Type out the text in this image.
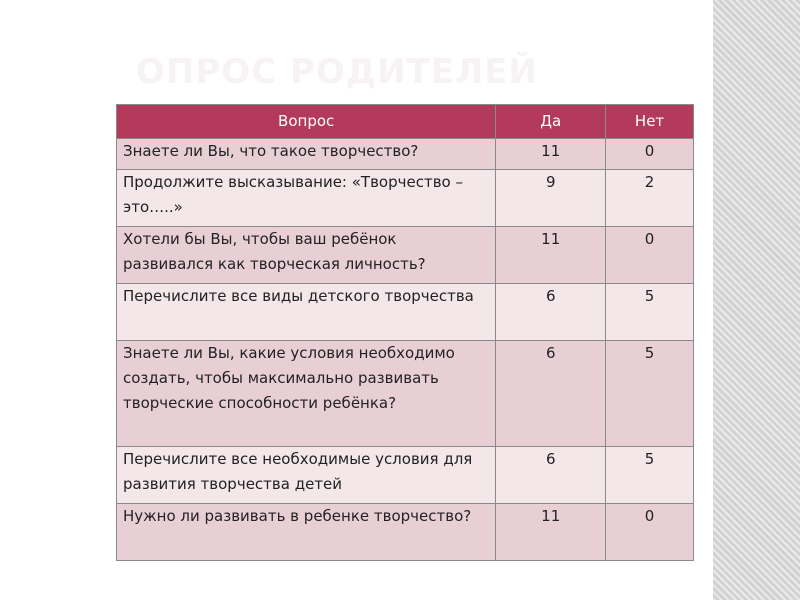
ОПРОС РОДИТЕЛЕЙ
Вопрос	Да	Нет
Знаете ли Вы, что такое творчество?	11	0
Продолжите высказывание: «Творчество – это…..»	9	2
Хотели бы Вы, чтобы ваш ребёнок развивался как творческая личность?	11	0
Перечислите все виды детского творчества	6	5
Знаете ли Вы, какие условия необходимо создать, чтобы максимально развивать творческие способности ребёнка?	6	5
Перечислите все необходимые условия для развития творчества детей	6	5
Нужно ли развивать в ребенке творчество?	11	0
